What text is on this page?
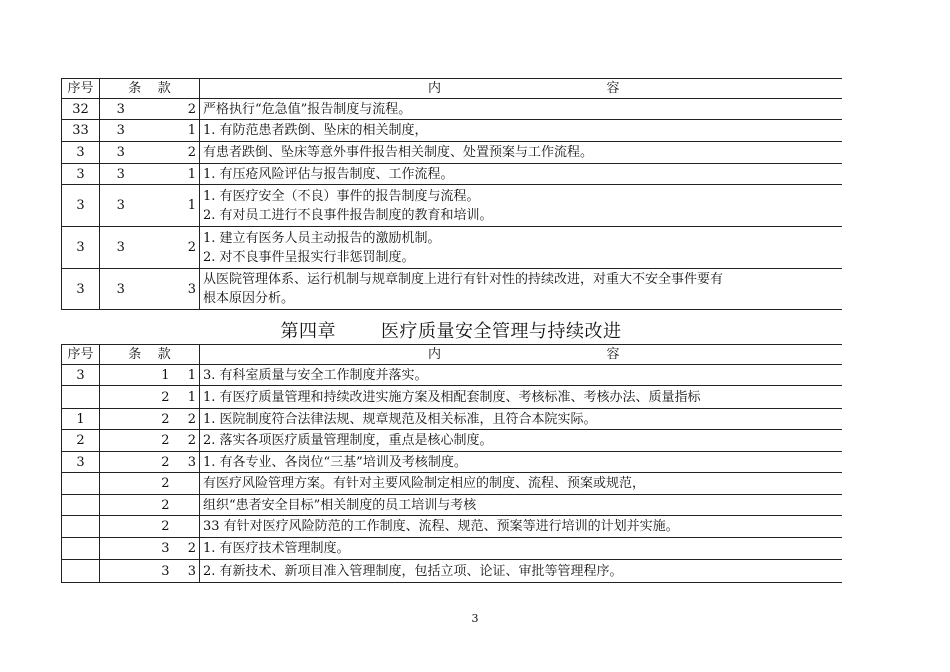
序号	条    款			内 容

32	3		2	严格执行“危急值”报告制度与流程。

33	3		1	1. 有防范患者跌倒、坠床的相关制度，

3	3		2	有患者跌倒、坠床等意外事件报告相关制度、处置预案与工作流程。

3	3		1	1. 有压疮风险评估与报告制度、工作流程。

3	3		1	1. 有医疗安全（不良）事件的报告制度与流程。
2. 有对员工进行不良事件报告制度的教育和培训。

3	3		2	1. 建立有医务人员主动报告的激励机制。
2. 对不良事件呈报实行非惩罚制度。

3	3		3	从医院管理体系、运行机制与规章制度上进行有针对性的持续改进，对重大不安全事件要有
根本原因分析。
第四章	医疗质量安全管理与持续改进
序号	条    款			内 容

3		1	1	3. 有科室质量与安全工作制度并落实。

		2	1	1. 有医疗质量管理和持续改进实施方案及相配套制度、考核标准、考核办法、质量指标

1		2	2	1. 医院制度符合法律法规、规章规范及相关标准，且符合本院实际。

2		2	2	2. 落实各项医疗质量管理制度，重点是核心制度。

3		2	3	1. 有各专业、各岗位“三基”培训及考核制度。

		2		有医疗风险管理方案。有针对主要风险制定相应的制度、流程、预案或规范，

		2		组织“患者安全目标”相关制度的员工培训与考核

		2		33 有针对医疗风险防范的工作制度、流程、规范、预案等进行培训的计划并实施。

		3	2	1. 有医疗技术管理制度。

		3	3	2. 有新技术、新项目准入管理制度，包括立项、论证、审批等管理程序。
3
